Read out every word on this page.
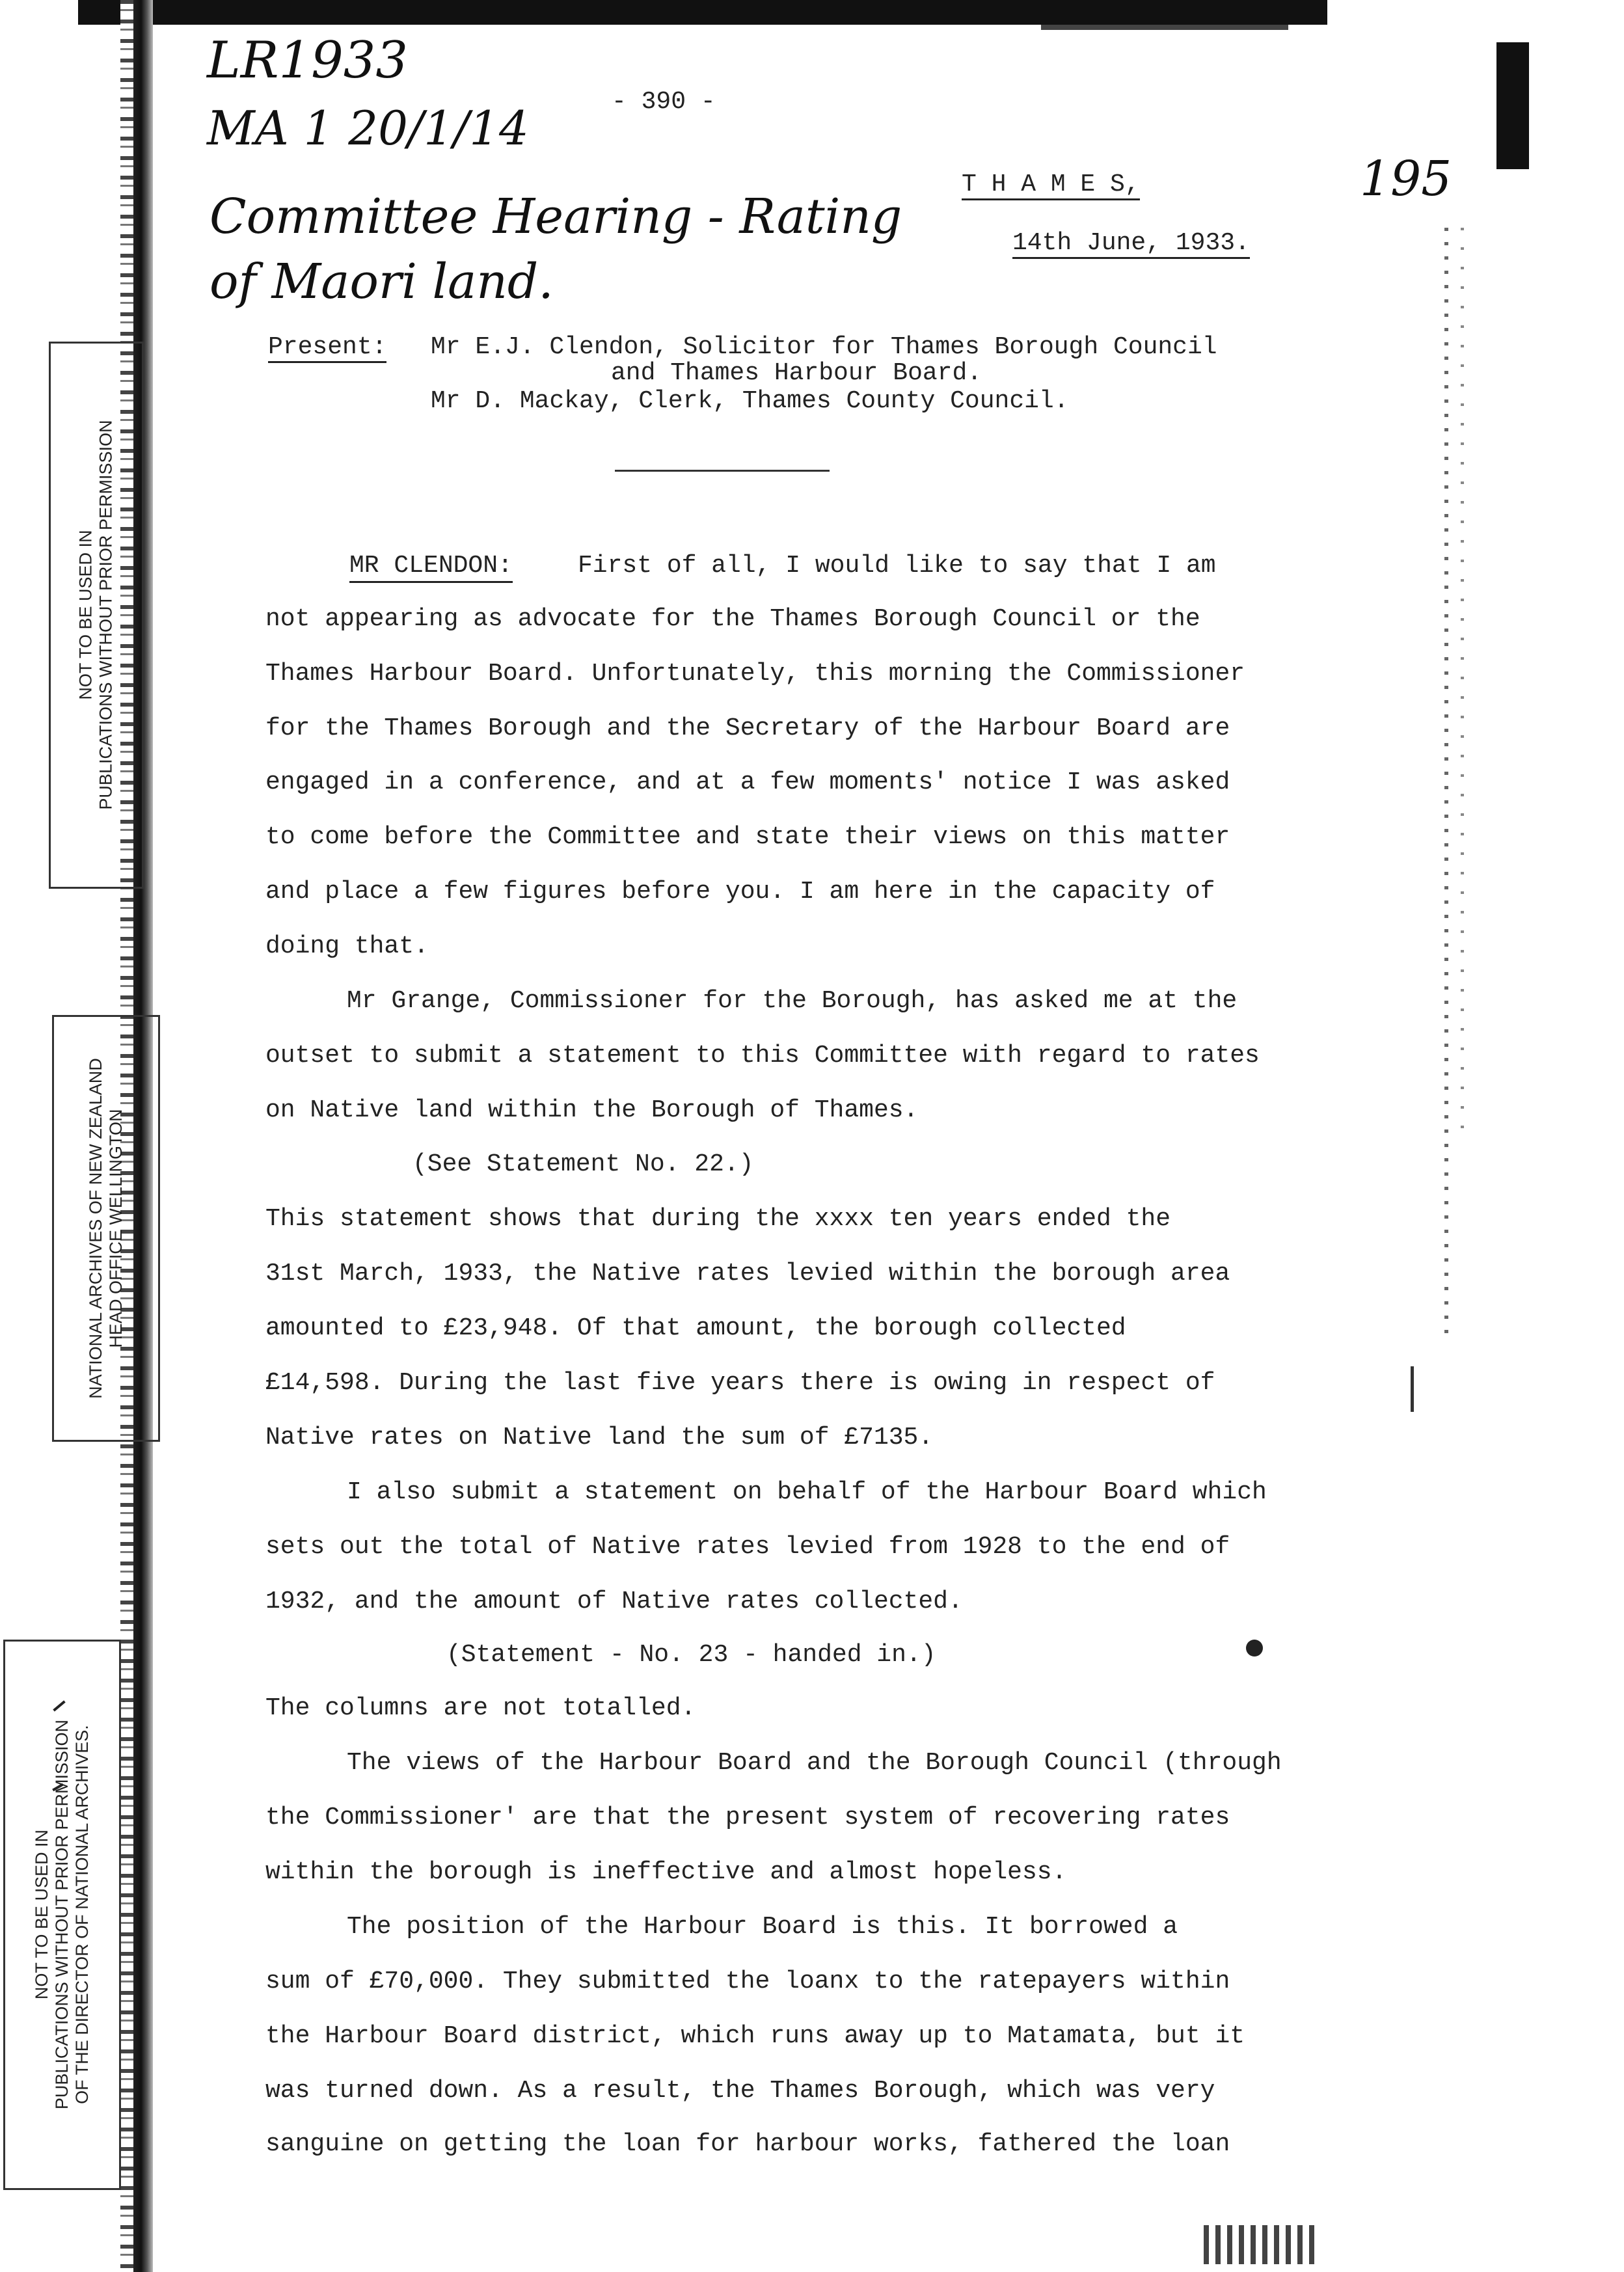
LR1933
MA 1 20/1/14
Committee Hearing - Rating
of Maori land.
195
- 390 -
T H A M E S,
14th June, 1933.
Present: Mr E.J. Clendon, Solicitor for Thames Borough Council
and Thames Harbour Board.
Mr D. Mackay, Clerk, Thames County Council.
MR CLENDON:	First of all, I would like to say that I am
not appearing as advocate for the Thames Borough Council or the
Thames Harbour Board. Unfortunately, this morning the Commissioner
for the Thames Borough and the Secretary of the Harbour Board are
engaged in a conference, and at a few moments' notice I was asked
to come before the Committee and state their views on this matter
and place a few figures before you. I am here in the capacity of
doing that.
Mr Grange, Commissioner for the Borough, has asked me at the
outset to submit a statement to this Committee with regard to rates
on Native land within the Borough of Thames.
(See Statement No. 22.)
This statement shows that during the xxxx ten years ended the
31st March, 1933, the Native rates levied within the borough area
amounted to £23,948. Of that amount, the borough collected
£14,598. During the last five years there is owing in respect of
Native rates on Native land the sum of £7135.
I also submit a statement on behalf of the Harbour Board which
sets out the total of Native rates levied from 1928 to the end of
1932, and the amount of Native rates collected.
(Statement - No. 23 - handed in.)
The columns are not totalled.
The views of the Harbour Board and the Borough Council (through
the Commissioner' are that the present system of recovering rates
within the borough is ineffective and almost hopeless.
The position of the Harbour Board is this. It borrowed a
sum of £70,000. They submitted the loanx to the ratepayers within
the Harbour Board district, which runs away up to Matamata, but it
was turned down. As a result, the Thames Borough, which was very
sanguine on getting the loan for harbour works, fathered the loan
NOT TO BE USED IN PUBLICATIONS WITHOUT PRIOR PERMISSION
NATIONAL ARCHIVES OF NEW ZEALAND HEAD OFFICE WELLINGTON
NOT TO BE USED IN PUBLICATIONS WITHOUT PRIOR PERMISSION OF THE DIRECTOR OF NATIONAL ARCHIVES.
